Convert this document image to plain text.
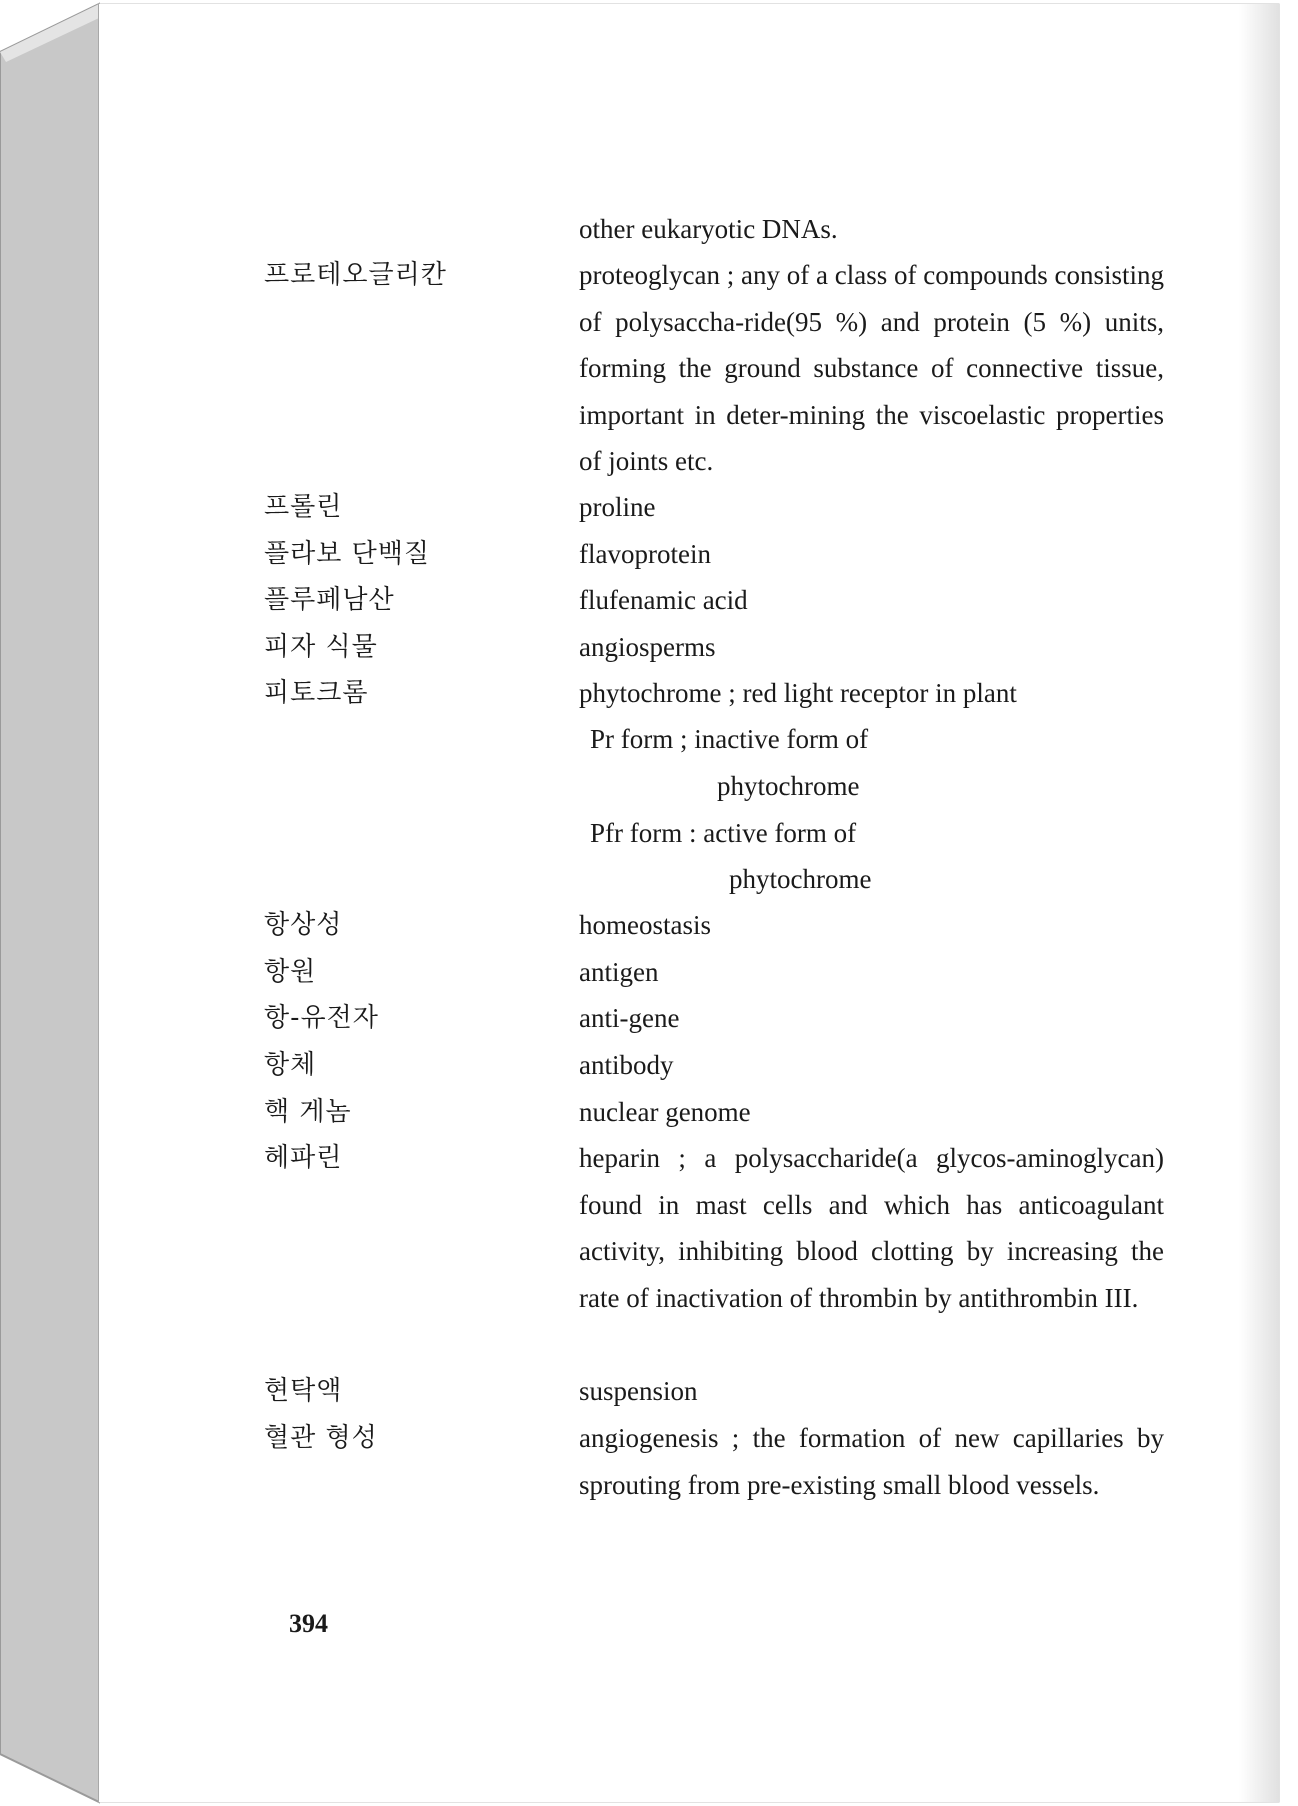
other eukaryotic DNAs.
프로테오글리칸	proteoglycan ; any of a class of compounds consisting of polysaccha-ride(95 %) and protein (5 %) units, forming the ground substance of connective tissue, important in deter-mining the viscoelastic properties of joints etc.
프롤린	proline
플라보 단백질	flavoprotein
플루페남산	flufenamic acid
피자 식물	angiosperms
피토크롬	phytochrome ; red light receptor in plant
Pr form ; inactive form of
phytochrome
Pfr form : active form of
phytochrome
항상성	homeostasis
항원	antigen
항-유전자	anti-gene
항체	antibody
핵 게놈	nuclear genome
헤파린	heparin ; a polysaccharide(a glycos-aminoglycan) found in mast cells and which has anticoagulant activity, inhibiting blood clotting by increasing the rate of inactivation of thrombin by antithrombin III.
현탁액	suspension
혈관 형성	angiogenesis ; the formation of new capillaries by sprouting from pre-existing small blood vessels.
394
